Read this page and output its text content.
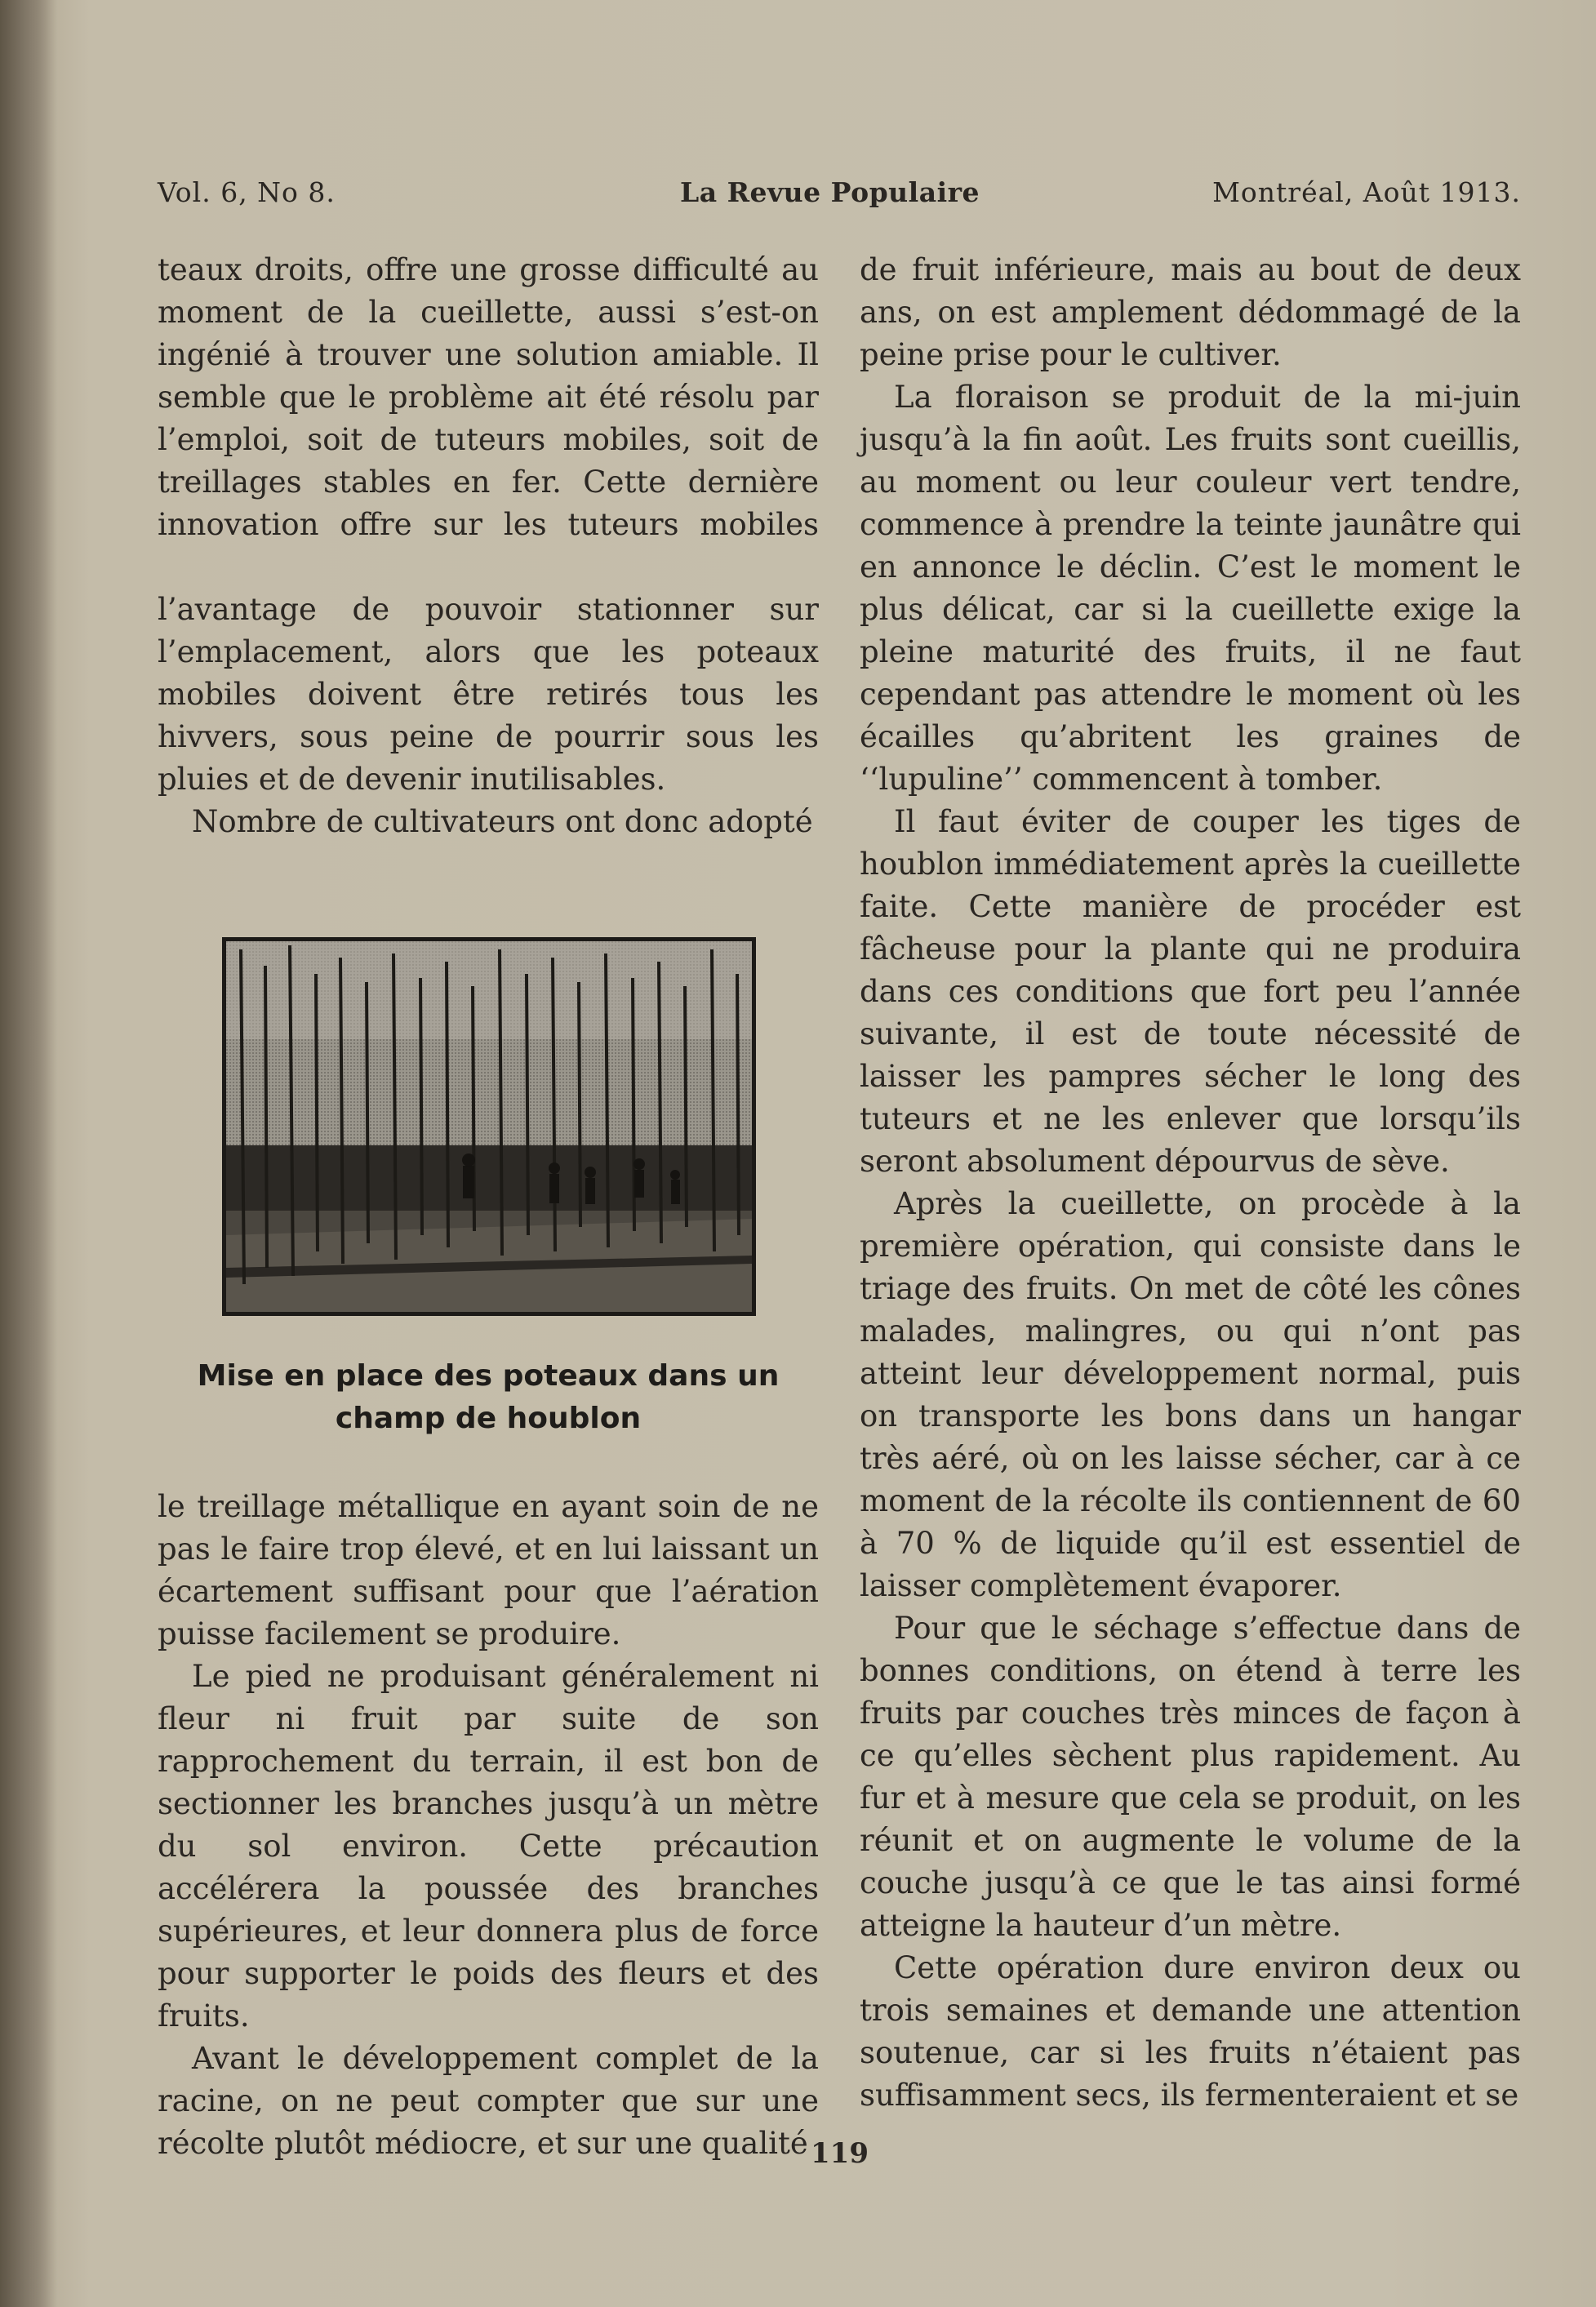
Vol. 6, No 8.	La Revue Populaire	Montréal, Août 1913.

teaux droits, offre une grosse difficulté au moment de la cueillette, aussi s’est-on ingénié à trouver une solution amiable. Il semble que le problème ait été résolu par l’emploi, soit de tuteurs mobiles, soit de treillages stables en fer. Cette dernière innovation offre sur les tuteurs mobiles

l’avantage de pouvoir stationner sur l’emplacement, alors que les poteaux mobiles doivent être retirés tous les hivvers, sous peine de pourrir sous les pluies et de devenir inutilisables.

Nombre de cultivateurs ont donc adopté

Mise en place des poteaux dans un champ de houblon

le treillage métallique en ayant soin de ne pas le faire trop élevé, et en lui laissant un écartement suffisant pour que l’aération puisse facilement se produire.

Le pied ne produisant généralement ni fleur ni fruit par suite de son rapprochement du terrain, il est bon de sectionner les branches jusqu’à un mètre du sol environ. Cette précaution accélérera la poussée des branches supérieures, et leur donnera plus de force pour supporter le poids des fleurs et des fruits.

Avant le développement complet de la racine, on ne peut compter que sur une récolte plutôt médiocre, et sur une qualité

de fruit inférieure, mais au bout de deux ans, on est amplement dédommagé de la peine prise pour le cultiver.

La floraison se produit de la mi-juin jusqu’à la fin août. Les fruits sont cueillis, au moment ou leur couleur vert tendre, commence à prendre la teinte jaunâtre qui en annonce le déclin. C’est le moment le plus délicat, car si la cueillette exige la pleine maturité des fruits, il ne faut cependant pas attendre le moment où les écailles qu’abritent les graines de ‘‘lupuline’’ commencent à tomber.

Il faut éviter de couper les tiges de houblon immédiatement après la cueillette faite. Cette manière de procéder est fâcheuse pour la plante qui ne produira dans ces conditions que fort peu l’année suivante, il est de toute nécessité de laisser les pampres sécher le long des tuteurs et ne les enlever que lorsqu’ils seront absolument dépourvus de sève.

Après la cueillette, on procède à la première opération, qui consiste dans le triage des fruits. On met de côté les cônes malades, malingres, ou qui n’ont pas atteint leur développement normal, puis on transporte les bons dans un hangar très aéré, où on les laisse sécher, car à ce moment de la récolte ils contiennent de 60 à 70 % de liquide qu’il est essentiel de laisser complètement évaporer.

Pour que le séchage s’effectue dans de bonnes conditions, on étend à terre les fruits par couches très minces de façon à ce qu’elles sèchent plus rapidement. Au fur et à mesure que cela se produit, on les réunit et on augmente le volume de la couche jusqu’à ce que le tas ainsi formé atteigne la hauteur d’un mètre.

Cette opération dure environ deux ou trois semaines et demande une attention soutenue, car si les fruits n’étaient pas suffisamment secs, ils fermenteraient et se

119
